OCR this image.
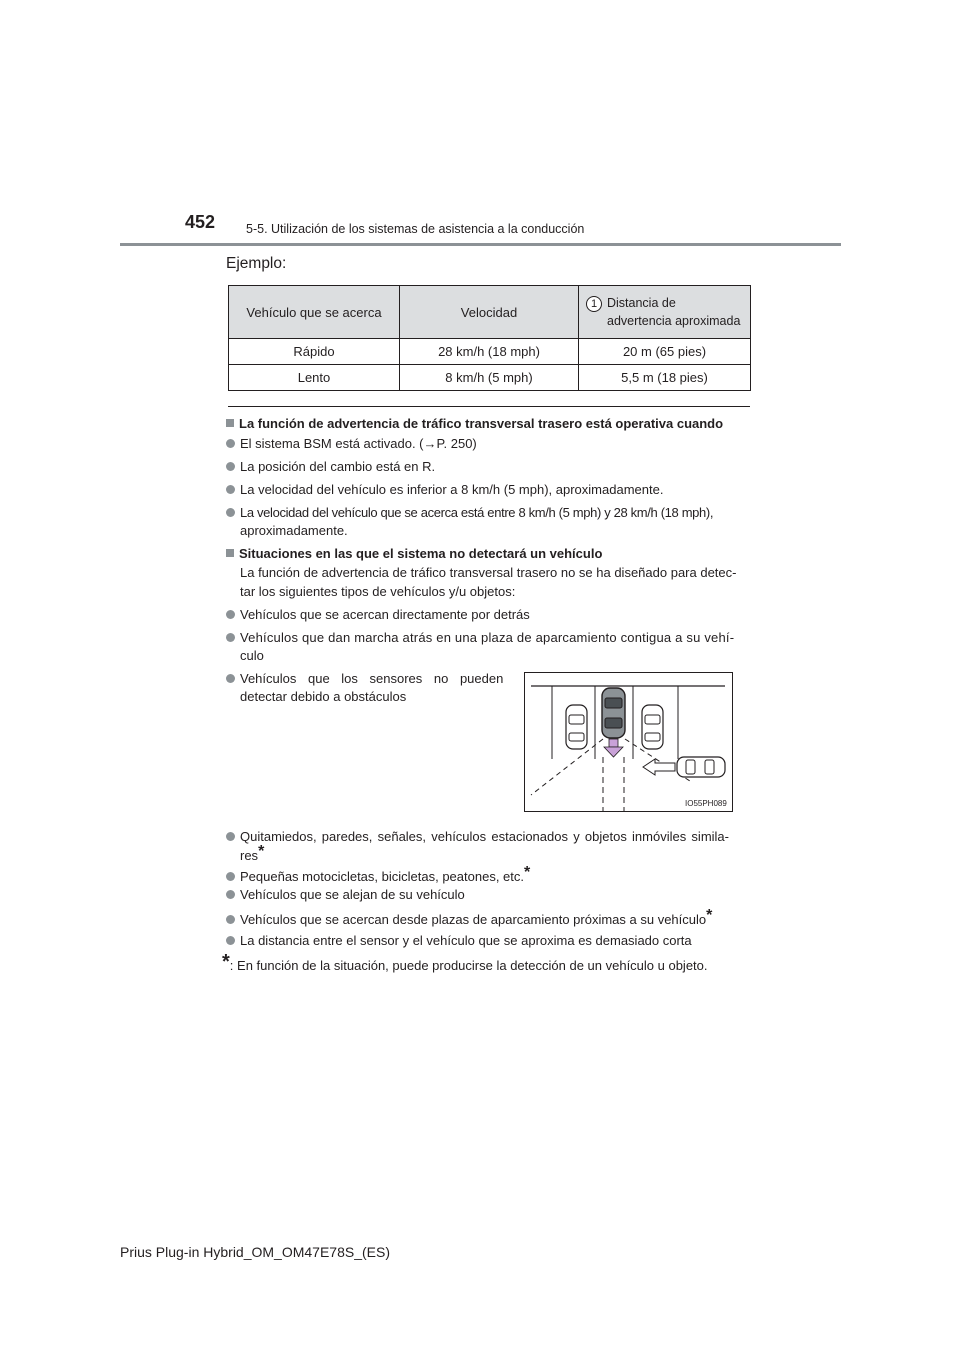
452 5-5. Utilización de los sistemas de asistencia a la conducción
Ejemplo:
Vehículo que se acerca	Velocidad	1 Distancia de
advertencia aproximada

Rápido	28 km/h (18 mph)	20 m (65 pies)
Lento	8 km/h (5 mph)	5,5 m (18 pies)
La función de advertencia de tráfico transversal trasero está operativa cuando
El sistema BSM está activado. (→P. 250)
La posición del cambio está en R.
La velocidad del vehículo es inferior a 8 km/h (5 mph), aproximadamente.
La velocidad del vehículo que se acerca está entre 8 km/h (5 mph) y 28 km/h (18 mph),
aproximadamente.
Situaciones en las que el sistema no detectará un vehículo
La función de advertencia de tráfico transversal trasero no se ha diseñado para detec-
tar los siguientes tipos de vehículos y/u objetos:
Vehículos que se acercan directamente por detrás
Vehículos que dan marcha atrás en una plaza de aparcamiento contigua a su vehí-
culo
Vehículos que los sensores no pueden
detectar debido a obstáculos
IO55PH089
Quitamiedos, paredes, señales, vehículos estacionados y objetos inmóviles simila-
res*
Pequeñas motocicletas, bicicletas, peatones, etc.*
Vehículos que se alejan de su vehículo
Vehículos que se acercan desde plazas de aparcamiento próximas a su vehículo*
La distancia entre el sensor y el vehículo que se aproxima es demasiado corta
*: En función de la situación, puede producirse la detección de un vehículo u objeto.
Prius Plug-in Hybrid_OM_OM47E78S_(ES)
